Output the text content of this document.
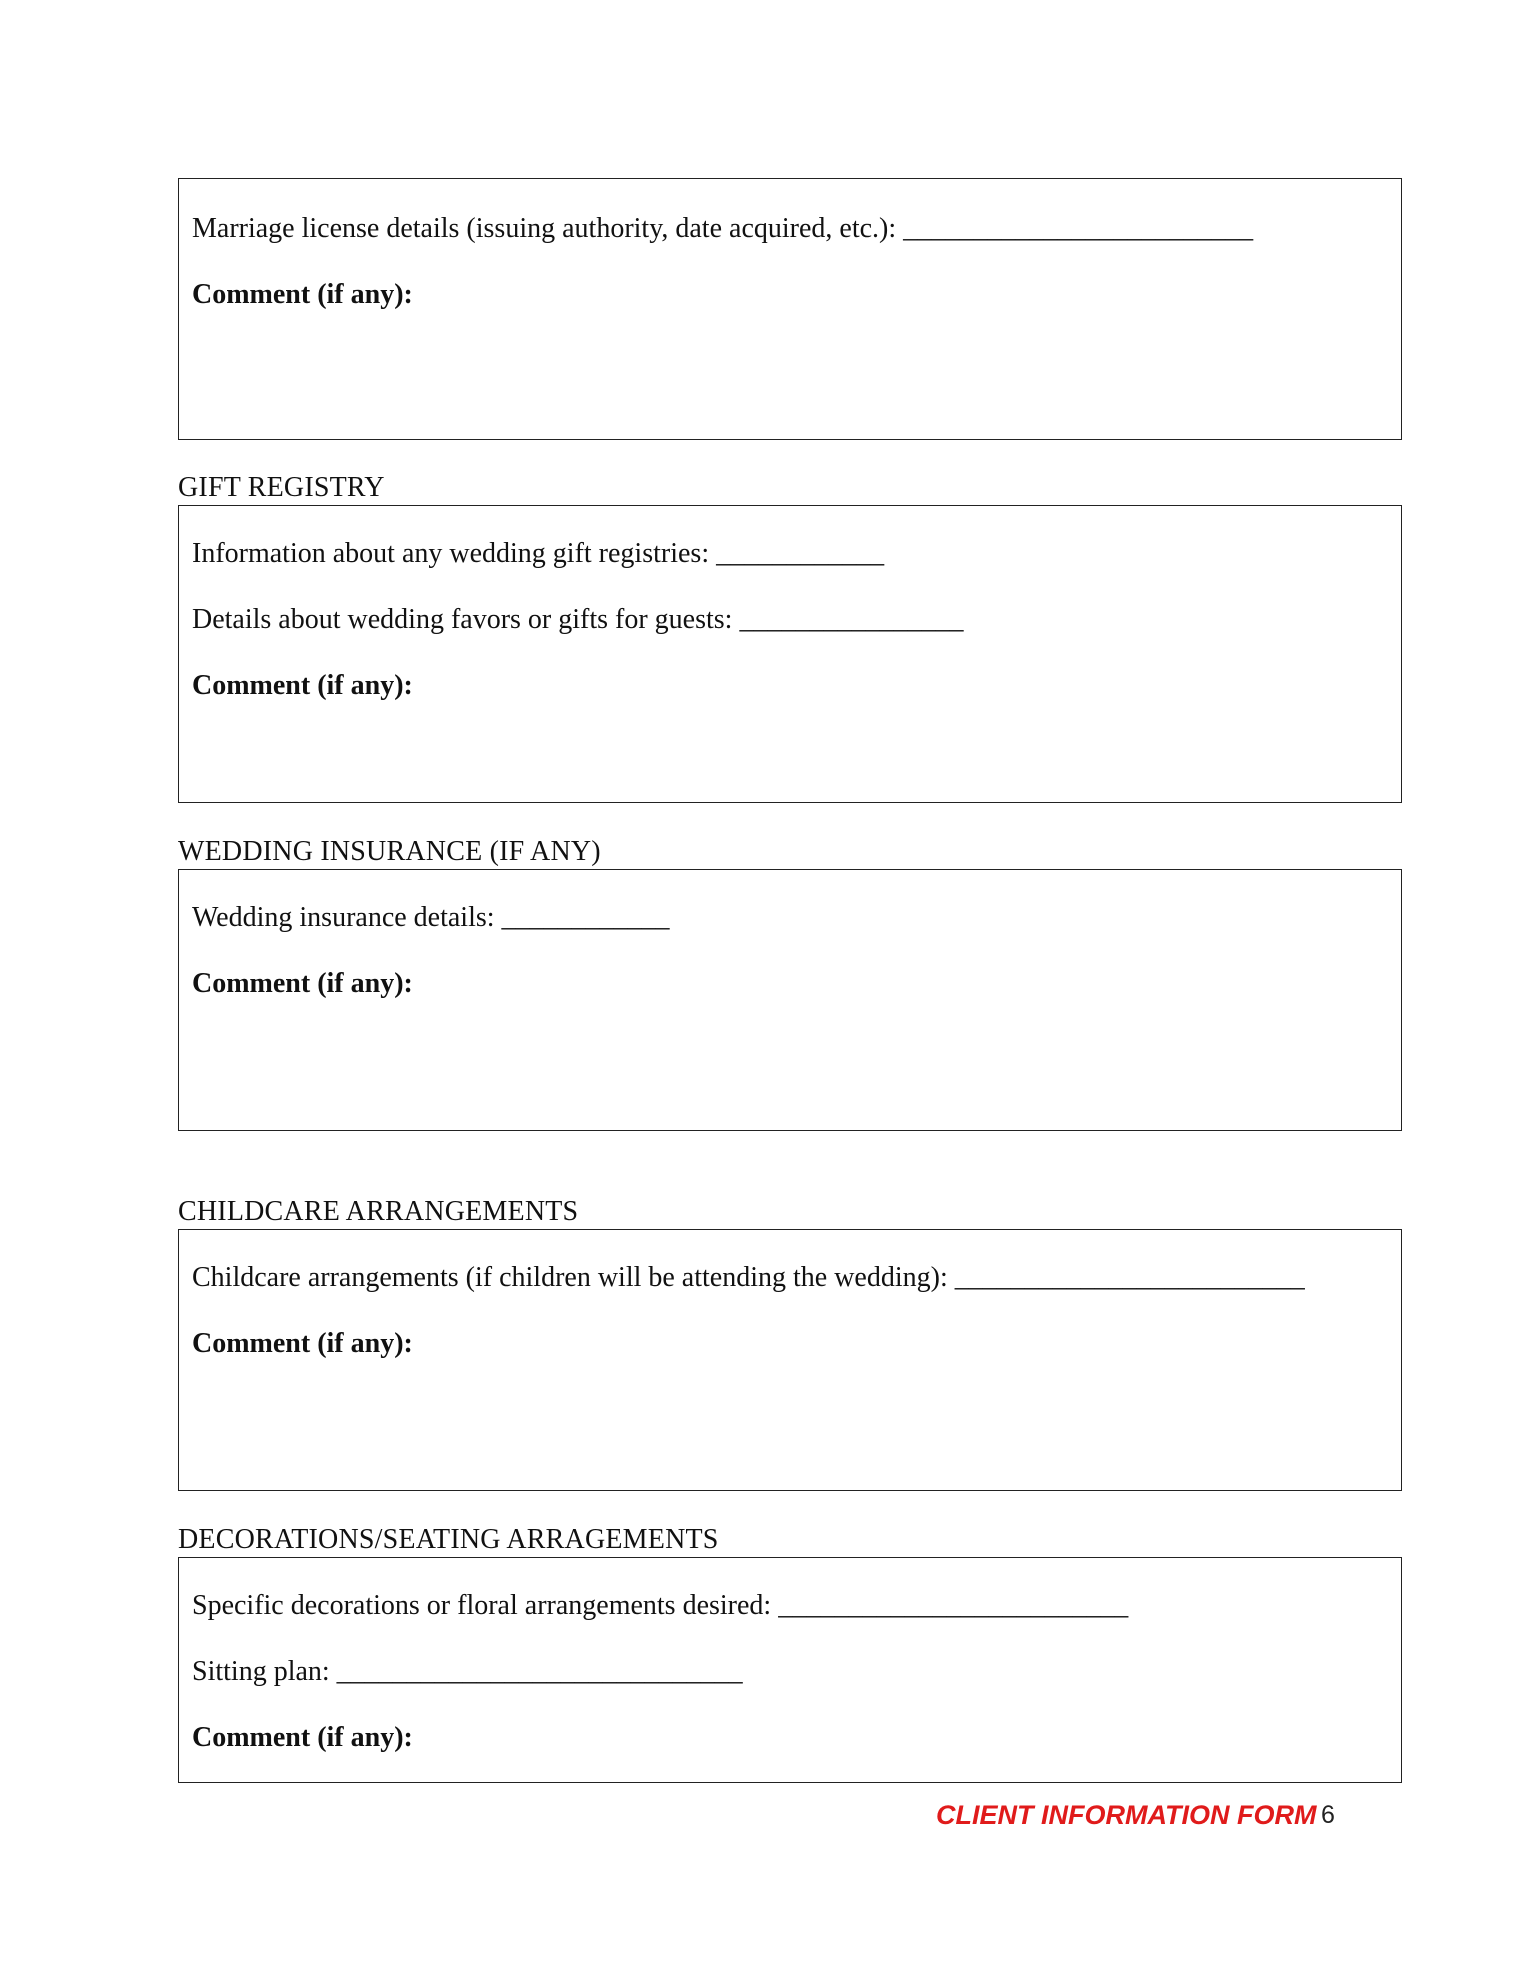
Marriage license details (issuing authority, date acquired, etc.): _________________________
Comment (if any):
GIFT REGISTRY
Information about any wedding gift registries: ____________
Details about wedding favors or gifts for guests: ________________
Comment (if any):
WEDDING INSURANCE (IF ANY)
Wedding insurance details: ____________
Comment (if any):
CHILDCARE ARRANGEMENTS
Childcare arrangements (if children will be attending the wedding): _________________________
Comment (if any):
DECORATIONS/SEATING ARRAGEMENTS
Specific decorations or floral arrangements desired: _________________________
Sitting plan: _____________________________
Comment (if any):
CLIENT INFORMATION FORM 6
